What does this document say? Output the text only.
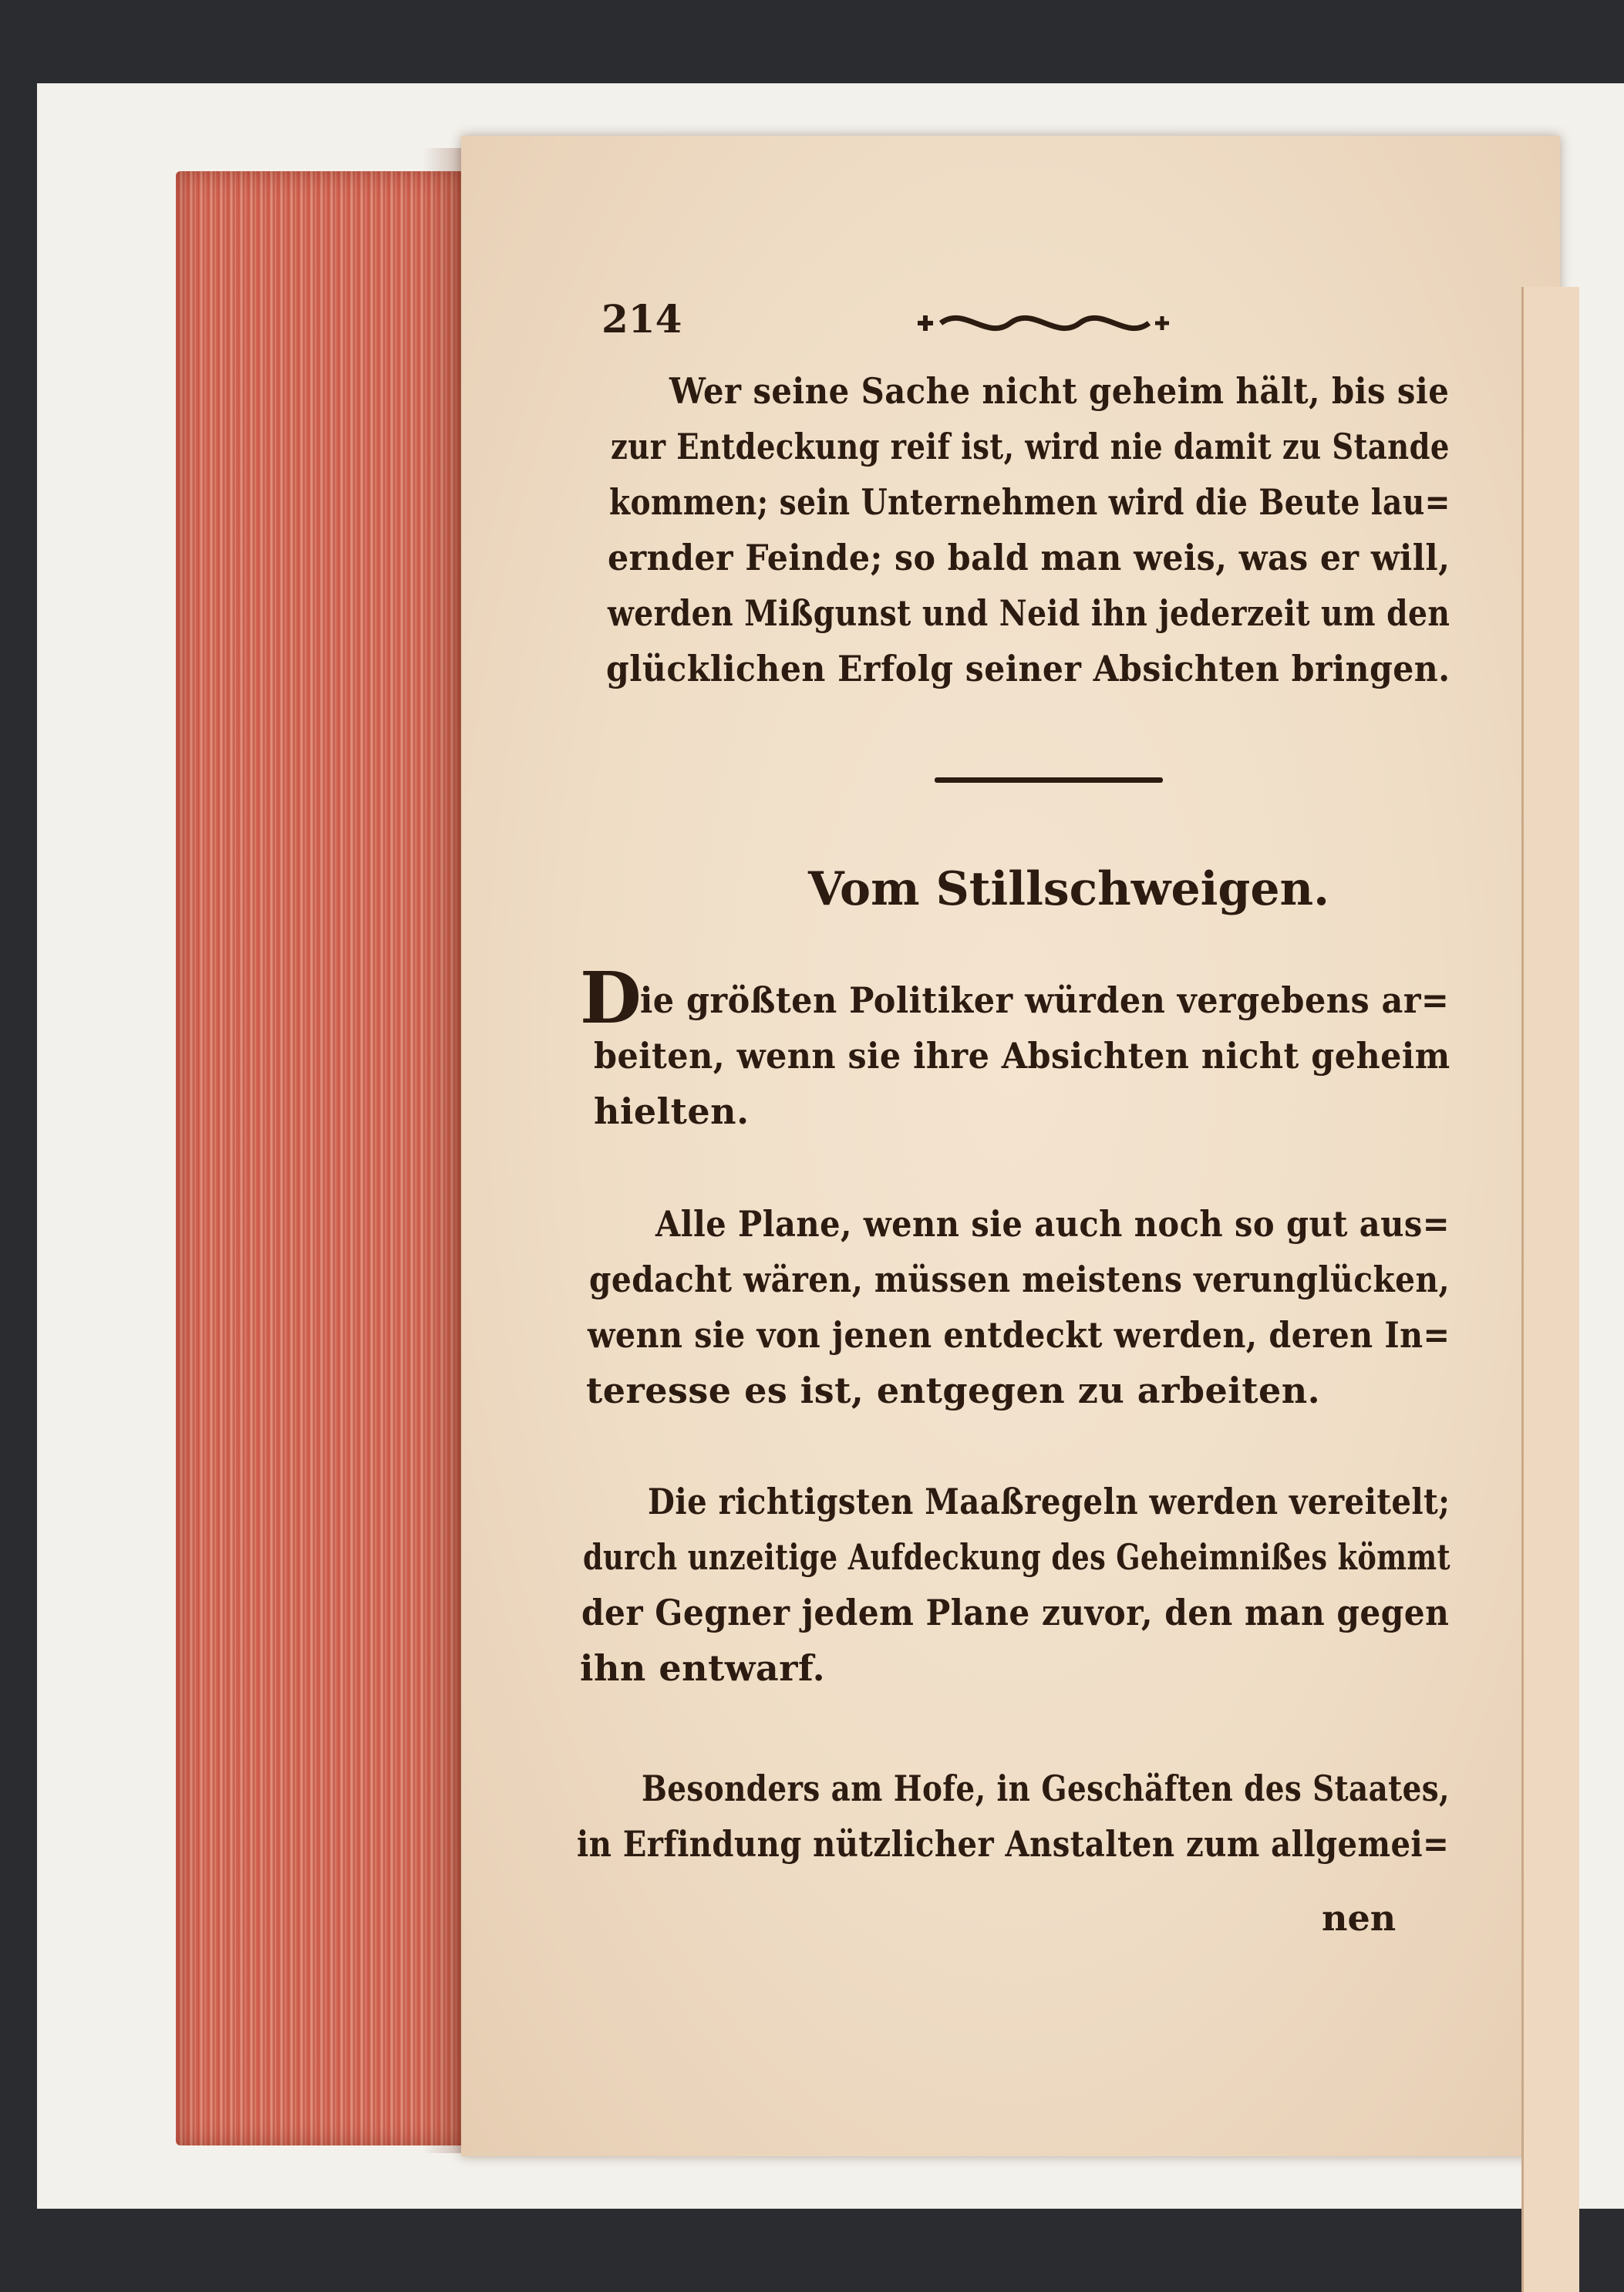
214
Wer seine Sache nicht geheim hält, bis sie
zur Entdeckung reif ist, wird nie damit zu Stande
kommen; sein Unternehmen wird die Beute lau=
ernder Feinde; so bald man weis, was er will,
werden Mißgunst und Neid ihn jederzeit um den
glücklichen Erfolg seiner Absichten bringen.
Vom Stillschweigen.
D
ie größten Politiker würden vergebens ar=
beiten, wenn sie ihre Absichten nicht geheim
hielten.
Alle Plane, wenn sie auch noch so gut aus=
gedacht wären, müssen meistens verunglücken,
wenn sie von jenen entdeckt werden, deren In=
teresse es ist, entgegen zu arbeiten.
Die richtigsten Maaßregeln werden vereitelt;
durch unzeitige Aufdeckung des Geheimnißes kömmt
der Gegner jedem Plane zuvor, den man gegen
ihn entwarf.
Besonders am Hofe, in Geschäften des Staates,
in Erfindung nützlicher Anstalten zum allgemei=
nen
